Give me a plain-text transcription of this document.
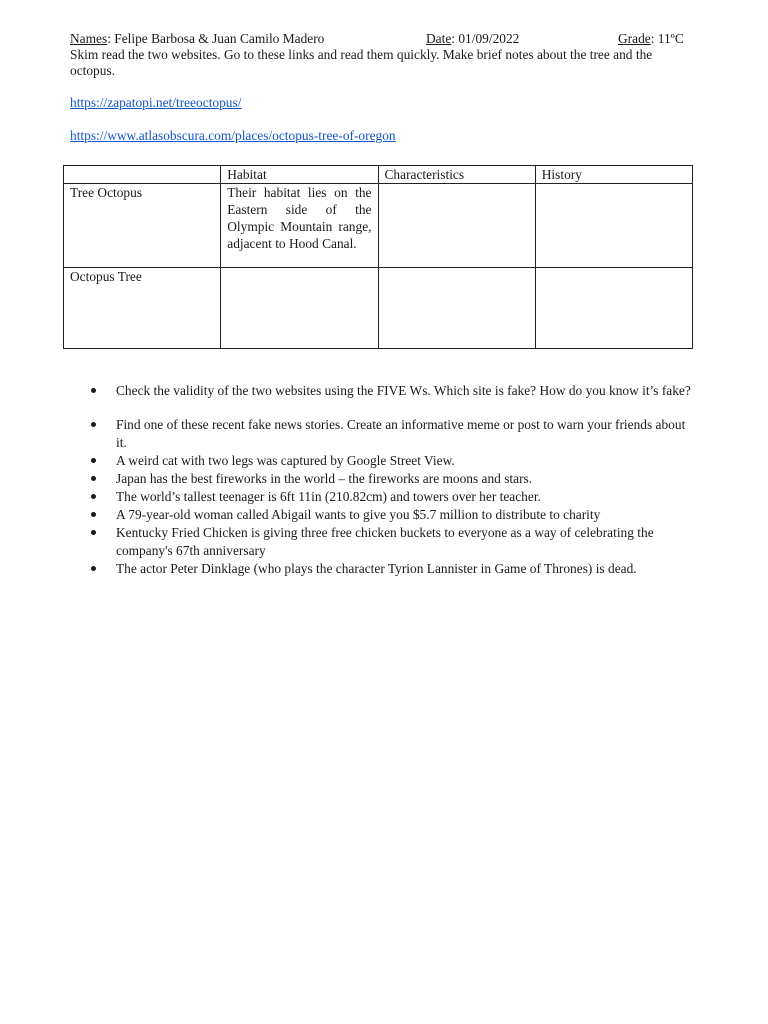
Names: Felipe Barbosa & Juan Camilo Madero	Date: 01/09/2022	Grade: 11ºC

Skim read the two websites. Go to these links and read them quickly. Make brief notes about the tree and the octopus.

https://zapatopi.net/treeoctopus/
https://www.atlasobscura.com/places/octopus-tree-of-oregon
	Habitat	Characteristics	History
Tree Octopus	Their habitat lies on the Eastern side of the Olympic Mountain range, adjacent to Hood Canal.		
Octopus Tree			
Check the validity of the two websites using the FIVE Ws. Which site is fake? How do you know it’s fake?
Find one of these recent fake news stories. Create an informative meme or post to warn your friends about it.
A weird cat with two legs was captured by Google Street View.
Japan has the best fireworks in the world – the fireworks are moons and stars.
The world’s tallest teenager is 6ft 11in (210.82cm) and towers over her teacher.
A 79-year-old woman called Abigail wants to give you $5.7 million to distribute to charity
Kentucky Fried Chicken is giving three free chicken buckets to everyone as a way of celebrating the company's 67th anniversary
The actor Peter Dinklage (who plays the character Tyrion Lannister in Game of Thrones) is dead.
